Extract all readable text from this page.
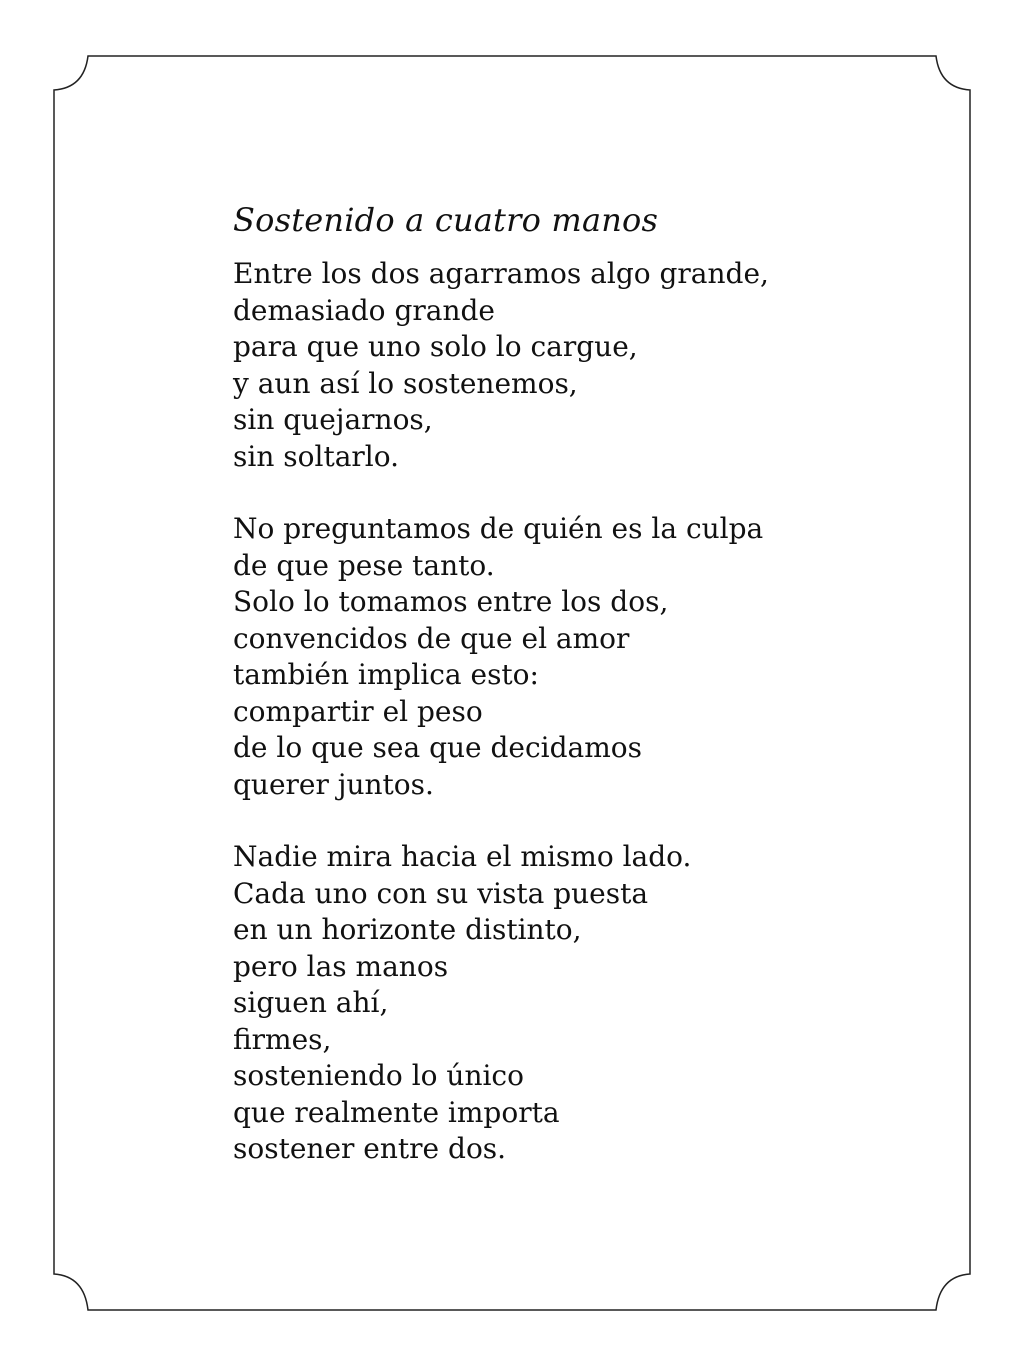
Sostenido a cuatro manos
Entre los dos agarramos algo grande,
demasiado grande
para que uno solo lo cargue,
y aun así lo sostenemos,
sin quejarnos,
sin soltarlo.
No preguntamos de quién es la culpa
de que pese tanto.
Solo lo tomamos entre los dos,
convencidos de que el amor
también implica esto:
compartir el peso
de lo que sea que decidamos
querer juntos.
Nadie mira hacia el mismo lado.
Cada uno con su vista puesta
en un horizonte distinto,
pero las manos
siguen ahí,
firmes,
sosteniendo lo único
que realmente importa
sostener entre dos.
